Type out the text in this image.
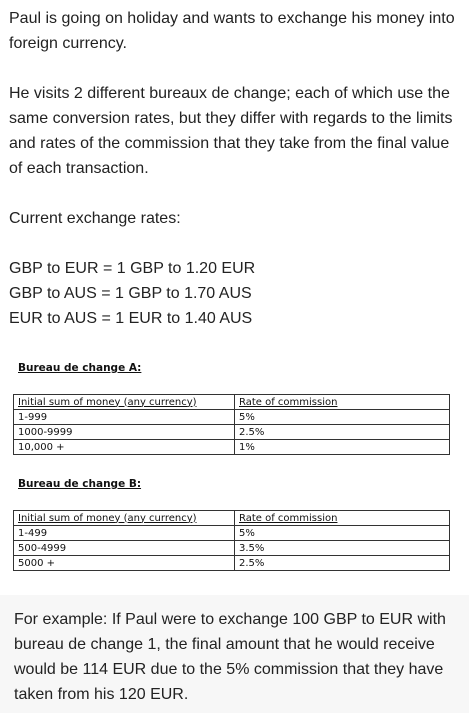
Paul is going on holiday and wants to exchange his money into foreign currency.

He visits 2 different bureaux de change; each of which use the same conversion rates, but they differ with regards to the limits and rates of the commission that they take from the final value of each transaction.

Current exchange rates:

GBP to EUR = 1 GBP to 1.20 EUR
GBP to AUS = 1 GBP to 1.70 AUS
EUR to AUS = 1 EUR to 1.40 AUS
Bureau de change A:
Initial sum of money (any currency)	Rate of commission
1-999	5%
1000-9999	2.5%
10,000 +	1%
Bureau de change B:
Initial sum of money (any currency)	Rate of commission
1-499	5%
500-4999	3.5%
5000 +	2.5%

For example: If Paul were to exchange 100 GBP to EUR with bureau de change 1, the final amount that he would receive would be 114 EUR due to the 5% commission that they have taken from his 120 EUR.
